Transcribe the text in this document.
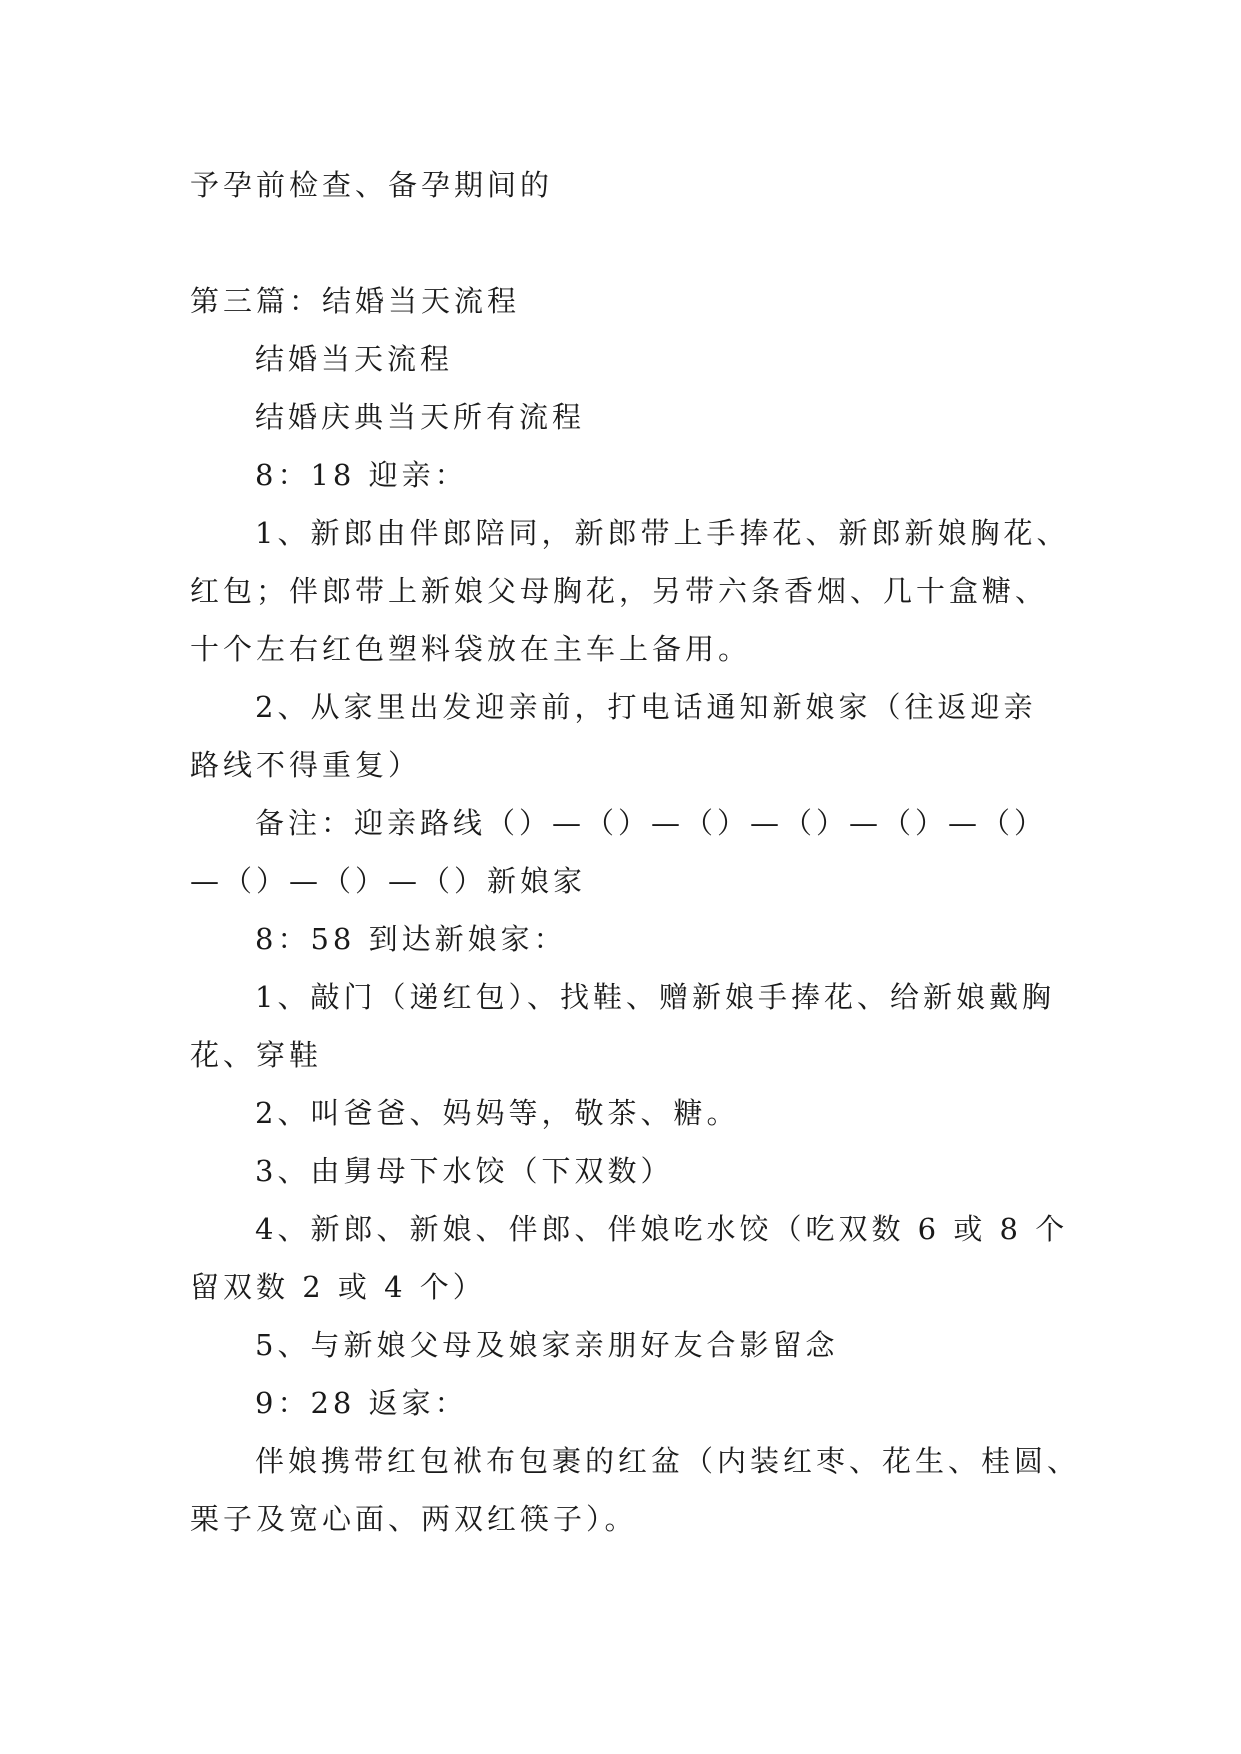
予孕前检查、备孕期间的
第三篇：结婚当天流程
结婚当天流程
结婚庆典当天所有流程
8：18 迎亲：
1、新郎由伴郎陪同，新郎带上手捧花、新郎新娘胸花、
红包；伴郎带上新娘父母胸花，另带六条香烟、几十盒糖、
十个左右红色塑料袋放在主车上备用。
2、从家里出发迎亲前，打电话通知新娘家（往返迎亲
路线不得重复）
备注：迎亲路线（）—（）—（）—（）—（）—（）
—（）—（）—（）新娘家
8：58 到达新娘家：
1、敲门（递红包）、找鞋、赠新娘手捧花、给新娘戴胸
花、穿鞋
2、叫爸爸、妈妈等，敬茶、糖。
3、由舅母下水饺（下双数）
4、新郎、新娘、伴郎、伴娘吃水饺（吃双数 6 或 8 个
留双数 2 或 4 个）
5、与新娘父母及娘家亲朋好友合影留念
9：28 返家：
伴娘携带红包袱布包裹的红盆（内装红枣、花生、桂圆、
栗子及宽心面、两双红筷子）。
